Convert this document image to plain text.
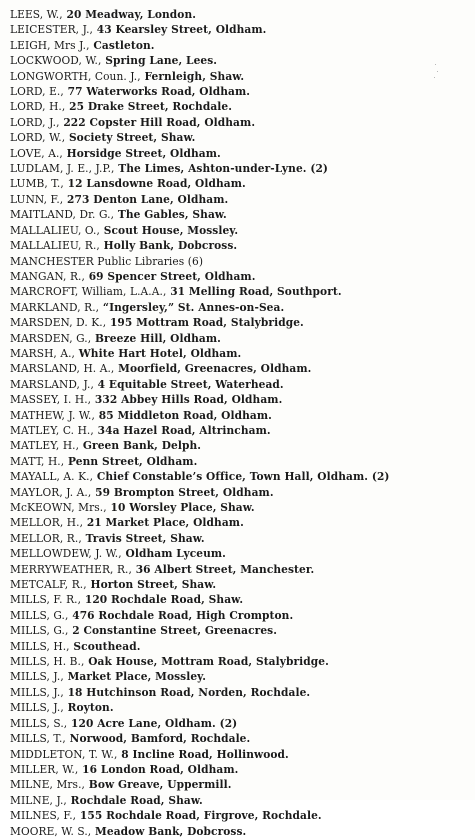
LEES, W., 20 Meadway, London.
LEICESTER, J., 43 Kearsley Street, Oldham.
LEIGH, Mrs J., Castleton.
LOCKWOOD, W., Spring Lane, Lees.
LONGWORTH, Coun. J., Fernleigh, Shaw.
LORD, E., 77 Waterworks Road, Oldham.
LORD, H., 25 Drake Street, Rochdale.
LORD, J., 222 Copster Hill Road, Oldham.
LORD, W., Society Street, Shaw.
LOVE, A., Horsidge Street, Oldham.
LUDLAM, J. E., J.P., The Limes, Ashton-under-Lyne. (2)
LUMB, T., 12 Lansdowne Road, Oldham.
LUNN, F., 273 Denton Lane, Oldham.
MAITLAND, Dr. G., The Gables, Shaw.
MALLALIEU, O., Scout House, Mossley.
MALLALIEU, R., Holly Bank, Dobcross.
MANCHESTER Public Libraries (6)
MANGAN, R., 69 Spencer Street, Oldham.
MARCROFT, William, L.A.A., 31 Melling Road, Southport.
MARKLAND, R., “Ingersley,” St. Annes-on-Sea.
MARSDEN, D. K., 195 Mottram Road, Stalybridge.
MARSDEN, G., Breeze Hill, Oldham.
MARSH, A., White Hart Hotel, Oldham.
MARSLAND, H. A., Moorfield, Greenacres, Oldham.
MARSLAND, J., 4 Equitable Street, Waterhead.
MASSEY, I. H., 332 Abbey Hills Road, Oldham.
MATHEW, J. W., 85 Middleton Road, Oldham.
MATLEY, C. H., 34a Hazel Road, Altrincham.
MATLEY, H., Green Bank, Delph.
MATT, H., Penn Street, Oldham.
MAYALL, A. K., Chief Constable’s Office, Town Hall, Oldham. (2)
MAYLOR, J. A., 59 Brompton Street, Oldham.
McKEOWN, Mrs., 10 Worsley Place, Shaw.
MELLOR, H., 21 Market Place, Oldham.
MELLOR, R., Travis Street, Shaw.
MELLOWDEW, J. W., Oldham Lyceum.
MERRYWEATHER, R., 36 Albert Street, Manchester.
METCALF, R., Horton Street, Shaw.
MILLS, F. R., 120 Rochdale Road, Shaw.
MILLS, G., 476 Rochdale Road, High Crompton.
MILLS, G., 2 Constantine Street, Greenacres.
MILLS, H., Scouthead.
MILLS, H. B., Oak House, Mottram Road, Stalybridge.
MILLS, J., Market Place, Mossley.
MILLS, J., 18 Hutchinson Road, Norden, Rochdale.
MILLS, J., Royton.
MILLS, S., 120 Acre Lane, Oldham. (2)
MILLS, T., Norwood, Bamford, Rochdale.
MIDDLETON, T. W., 8 Incline Road, Hollinwood.
MILLER, W., 16 London Road, Oldham.
MILNE, Mrs., Bow Greave, Uppermill.
MILNE, J., Rochdale Road, Shaw.
MILNES, F., 155 Rochdale Road, Firgrove, Rochdale.
MOORE, W. S., Meadow Bank, Dobcross.
